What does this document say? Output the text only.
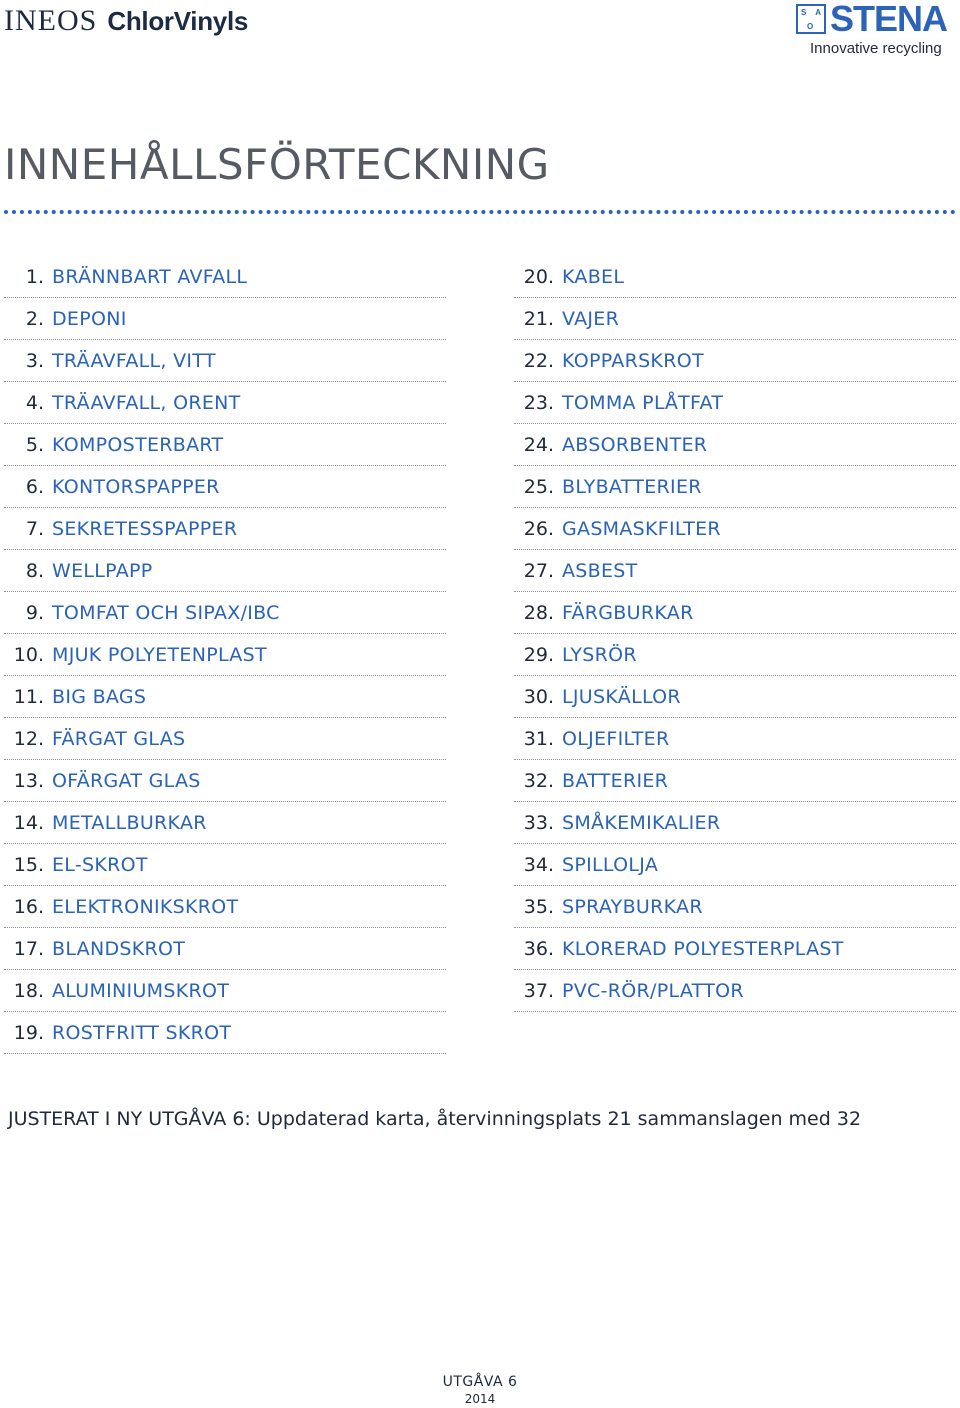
INEOS ChlorVinyls	S A
O STENA
Innovative recycling
INNEHÅLLSFÖRTECKNING
1. BRÄNNBART AVFALL
2. DEPONI
3. TRÄAVFALL, VITT
4. TRÄAVFALL, ORENT
5. KOMPOSTERBART
6. KONTORSPAPPER
7. SEKRETESSPAPPER
8. WELLPAPP
9. TOMFAT OCH SIPAX/IBC
10. MJUK POLYETENPLAST
11. BIG BAGS
12. FÄRGAT GLAS
13. OFÄRGAT GLAS
14. METALLBURKAR
15. EL-SKROT
16. ELEKTRONIKSKROT
17. BLANDSKROT
18. ALUMINIUMSKROT
19. ROSTFRITT SKROT
20. KABEL
21. VAJER
22. KOPPARSKROT
23. TOMMA PLÅTFAT
24. ABSORBENTER
25. BLYBATTERIER
26. GASMASKFILTER
27. ASBEST
28. FÄRGBURKAR
29. LYSRÖR
30. LJUSKÄLLOR
31. OLJEFILTER
32. BATTERIER
33. SMÅKEMIKALIER
34. SPILLOLJA
35. SPRAYBURKAR
36. KLORERAD POLYESTERPLAST
37. PVC-RÖR/PLATTOR
JUSTERAT I NY UTGÅVA 6: Uppdaterad karta, återvinningsplats 21 sammanslagen med 32
UTGÅVA 6
2014
